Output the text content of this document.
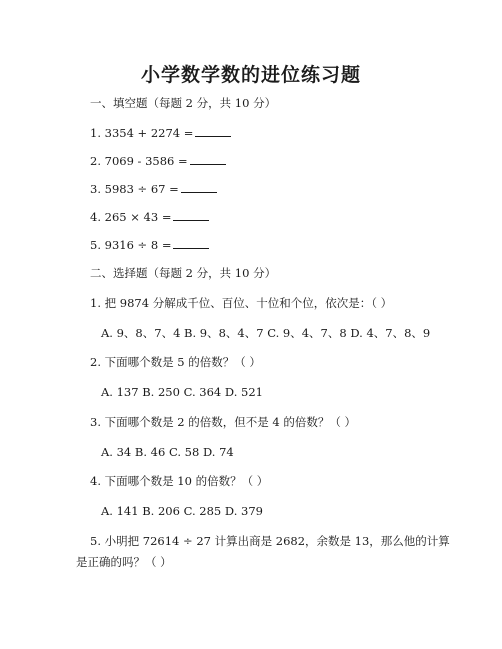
小学数学数的进位练习题
一、填空题（每题 2 分，共 10 分）
1. 3354 + 2274 =
2. 7069 - 3586 =
3. 5983 ÷ 67 =
4. 265 × 43 =
5. 9316 ÷ 8 =
二、选择题（每题 2 分，共 10 分）
1. 把 9874 分解成千位、百位、十位和个位，依次是：（ ）
A. 9、8、7、4 B. 9、8、4、7 C. 9、4、7、8 D. 4、7、8、9
2. 下面哪个数是 5 的倍数？（ ）
A. 137 B. 250 C. 364 D. 521
3. 下面哪个数是 2 的倍数，但不是 4 的倍数？（ ）
A. 34 B. 46 C. 58 D. 74
4. 下面哪个数是 10 的倍数？（ ）
A. 141 B. 206 C. 285 D. 379
5. 小明把 72614 ÷ 27 计算出商是 2682，余数是 13，那么他的计算
是正确的吗？（ ）
